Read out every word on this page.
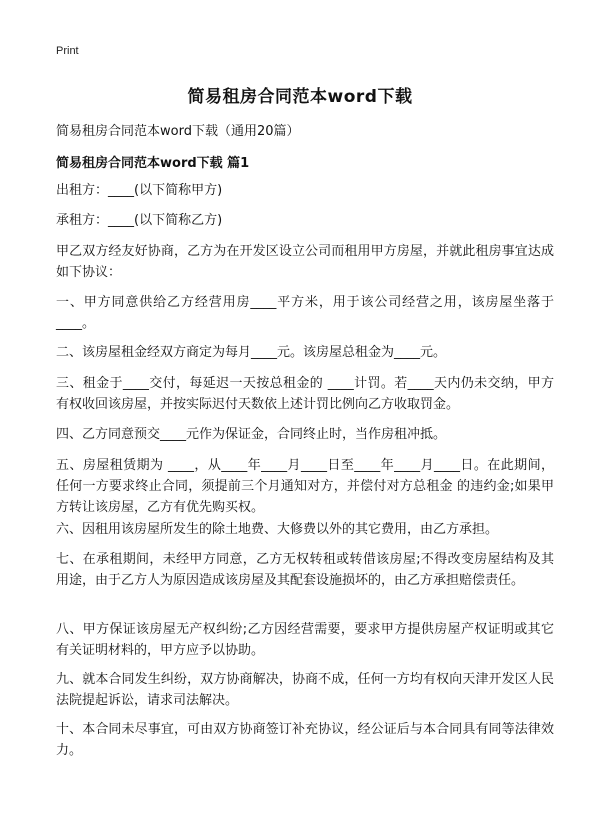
Print
简易租房合同范本word下载
简易租房合同范本word下载（通用20篇）
简易租房合同范本word下载 篇1
出租方：____(以下简称甲方)
承租方：____(以下简称乙方)
甲乙双方经友好协商，乙方为在开发区设立公司而租用甲方房屋，并就此租房事宜达成如下协议：
一、甲方同意供给乙方经营用房____平方米，用于该公司经营之用，该房屋坐落于____。
二、该房屋租金经双方商定为每月____元。该房屋总租金为____元。
三、租金于____交付，每延迟一天按总租金的 ____计罚。若____天内仍未交纳，甲方有权收回该房屋，并按实际迟付天数依上述计罚比例向乙方收取罚金。
四、乙方同意预交____元作为保证金，合同终止时，当作房租冲抵。
五、房屋租赁期为 ____，从____年____月____日至____年____月____日。在此期间，任何一方要求终止合同，须提前三个月通知对方，并偿付对方总租金 的违约金;如果甲方转让该房屋，乙方有优先购买权。
六、因租用该房屋所发生的除土地费、大修费以外的其它费用，由乙方承担。
七、在承租期间，未经甲方同意，乙方无权转租或转借该房屋;不得改变房屋结构及其用途，由于乙方人为原因造成该房屋及其配套设施损坏的，由乙方承担赔偿责任。
八、甲方保证该房屋无产权纠纷;乙方因经营需要，要求甲方提供房屋产权证明或其它有关证明材料的，甲方应予以协助。
九、就本合同发生纠纷，双方协商解决，协商不成，任何一方均有权向天津开发区人民法院提起诉讼，请求司法解决。
十、本合同未尽事宜，可由双方协商签订补充协议，经公证后与本合同具有同等法律效力。
